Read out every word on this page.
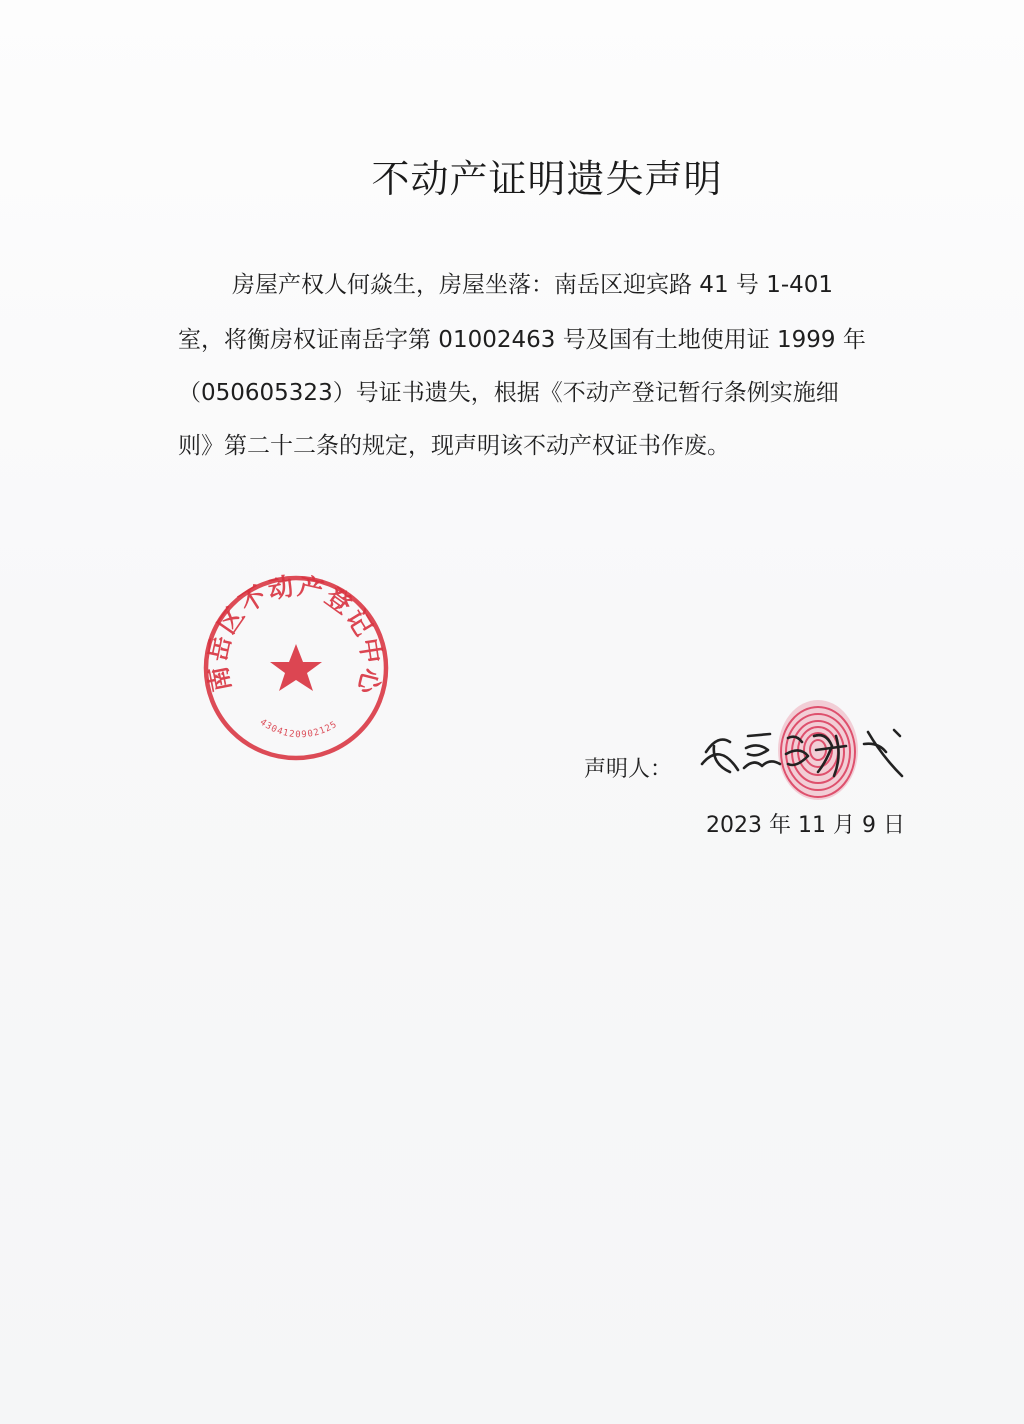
不动产证明遗失声明
房屋产权人何焱生，房屋坐落：南岳区迎宾路 41 号 1-401
室，将衡房权证南岳字第 01002463 号及国有土地使用证 1999 年
（050605323）号证书遗失，根据《不动产登记暂行条例实施细
则》第二十二条的规定，现声明该不动产权证书作废。
南岳区不动产登记中心
4304120902125
声明人：
2023 年 11 月 9 日
